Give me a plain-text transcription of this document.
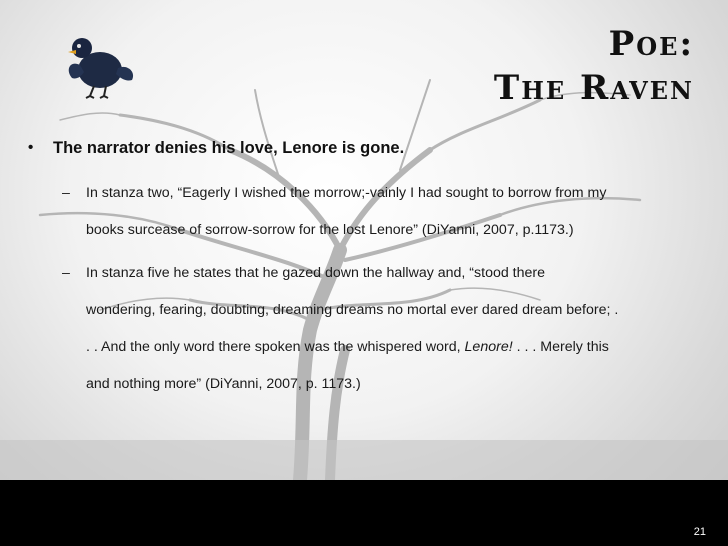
Poe:
The Raven
• The narrator denies his love, Lenore is gone.
– In stanza two, “Eagerly I wished the morrow;-vainly I had sought to borrow from my
books surcease of sorrow-sorrow for the lost Lenore” (DiYanni, 2007, p.1173.)
– In stanza five he states that he gazed down the hallway and, “stood there
wondering, fearing, doubting, dreaming dreams no mortal ever dared dream before; .
. . And the only word there spoken was the whispered word, Lenore! . . . Merely this
and nothing more” (DiYanni, 2007, p. 1173.)
21
